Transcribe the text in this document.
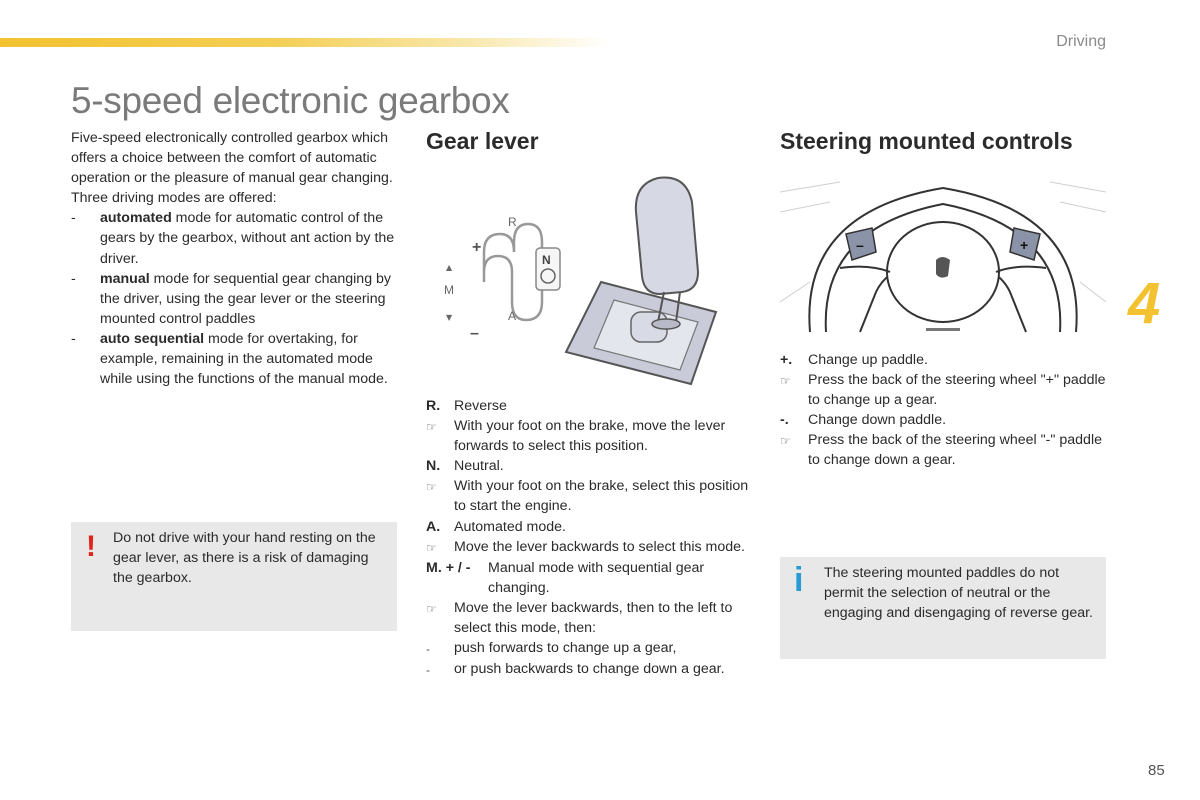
Driving
5-speed electronic gearbox

Five-speed electronically controlled gearbox which offers a choice between the comfort of automatic operation or the pleasure of manual gear changing.

Three driving modes are offered:

-	automated mode for automatic control of the gears by the gearbox, without ant action by the driver.
-	manual mode for sequential gear changing by the driver, using the gear lever or the steering mounted control paddles
-	auto sequential mode for overtaking, for example, remaining in the automated mode while using the functions of the manual mode.
! Do not drive with your hand resting on the gear lever, as there is a risk of damaging the gearbox.

Gear lever
R
+
M
▲
▼
–
A
N
R. Reverse
☞	With your foot on the brake, move the lever forwards to select this position.
N. Neutral.
☞	With your foot on the brake, select this position to start the engine.
A. Automated mode.
☞	Move the lever backwards to select this mode.
M. + / -	Manual mode with sequential gear changing.
☞	Move the lever backwards, then to the left to select this mode, then:
-	push forwards to change up a gear,
-	or push backwards to change down a gear.
Steering mounted controls
–	+
+.	Change up paddle.
☞	Press the back of the steering wheel "+" paddle to change up a gear.
-.	Change down paddle.
☞	Press the back of the steering wheel "-" paddle to change down a gear.
i The steering mounted paddles do not permit the selection of neutral or the engaging and disengaging of reverse gear.

4
85
